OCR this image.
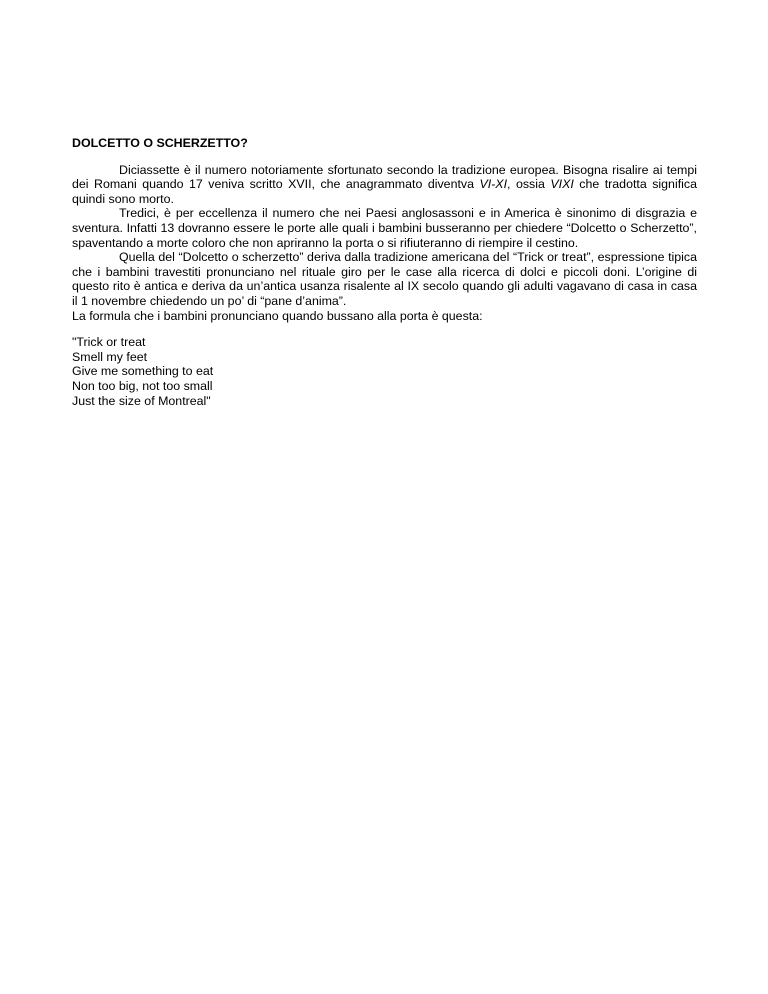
DOLCETTO O SCHERZETTO?

Diciassette è il numero notoriamente sfortunato secondo la tradizione europea. Bisogna risalire ai tempi dei Romani quando 17 veniva scritto XVII, che anagrammato diventva VI-XI, ossia VIXI che tradotta significa quindi sono morto.

Tredici, è per eccellenza il numero che nei Paesi anglosassoni e in America è sinonimo di disgrazia e sventura. Infatti 13 dovranno essere le porte alle quali i bambini busseranno per chiedere “Dolcetto o Scherzetto”, spaventando a morte coloro che non apriranno la porta o si rifiuteranno di riempire il cestino.

Quella del “Dolcetto o scherzetto” deriva dalla tradizione americana del “Trick or treat”, espressione tipica che i bambini travestiti pronunciano nel rituale giro per le case alla ricerca di dolci e piccoli doni. L’origine di questo rito è antica e deriva da un’antica usanza risalente al IX secolo quando gli adulti vagavano di casa in casa il 1 novembre chiedendo un po’ di “pane d’anima”.

La formula che i bambini pronunciano quando bussano alla porta è questa:

"Trick or treat
Smell my feet
Give me something to eat
Non too big, not too small
Just the size of Montreal"
